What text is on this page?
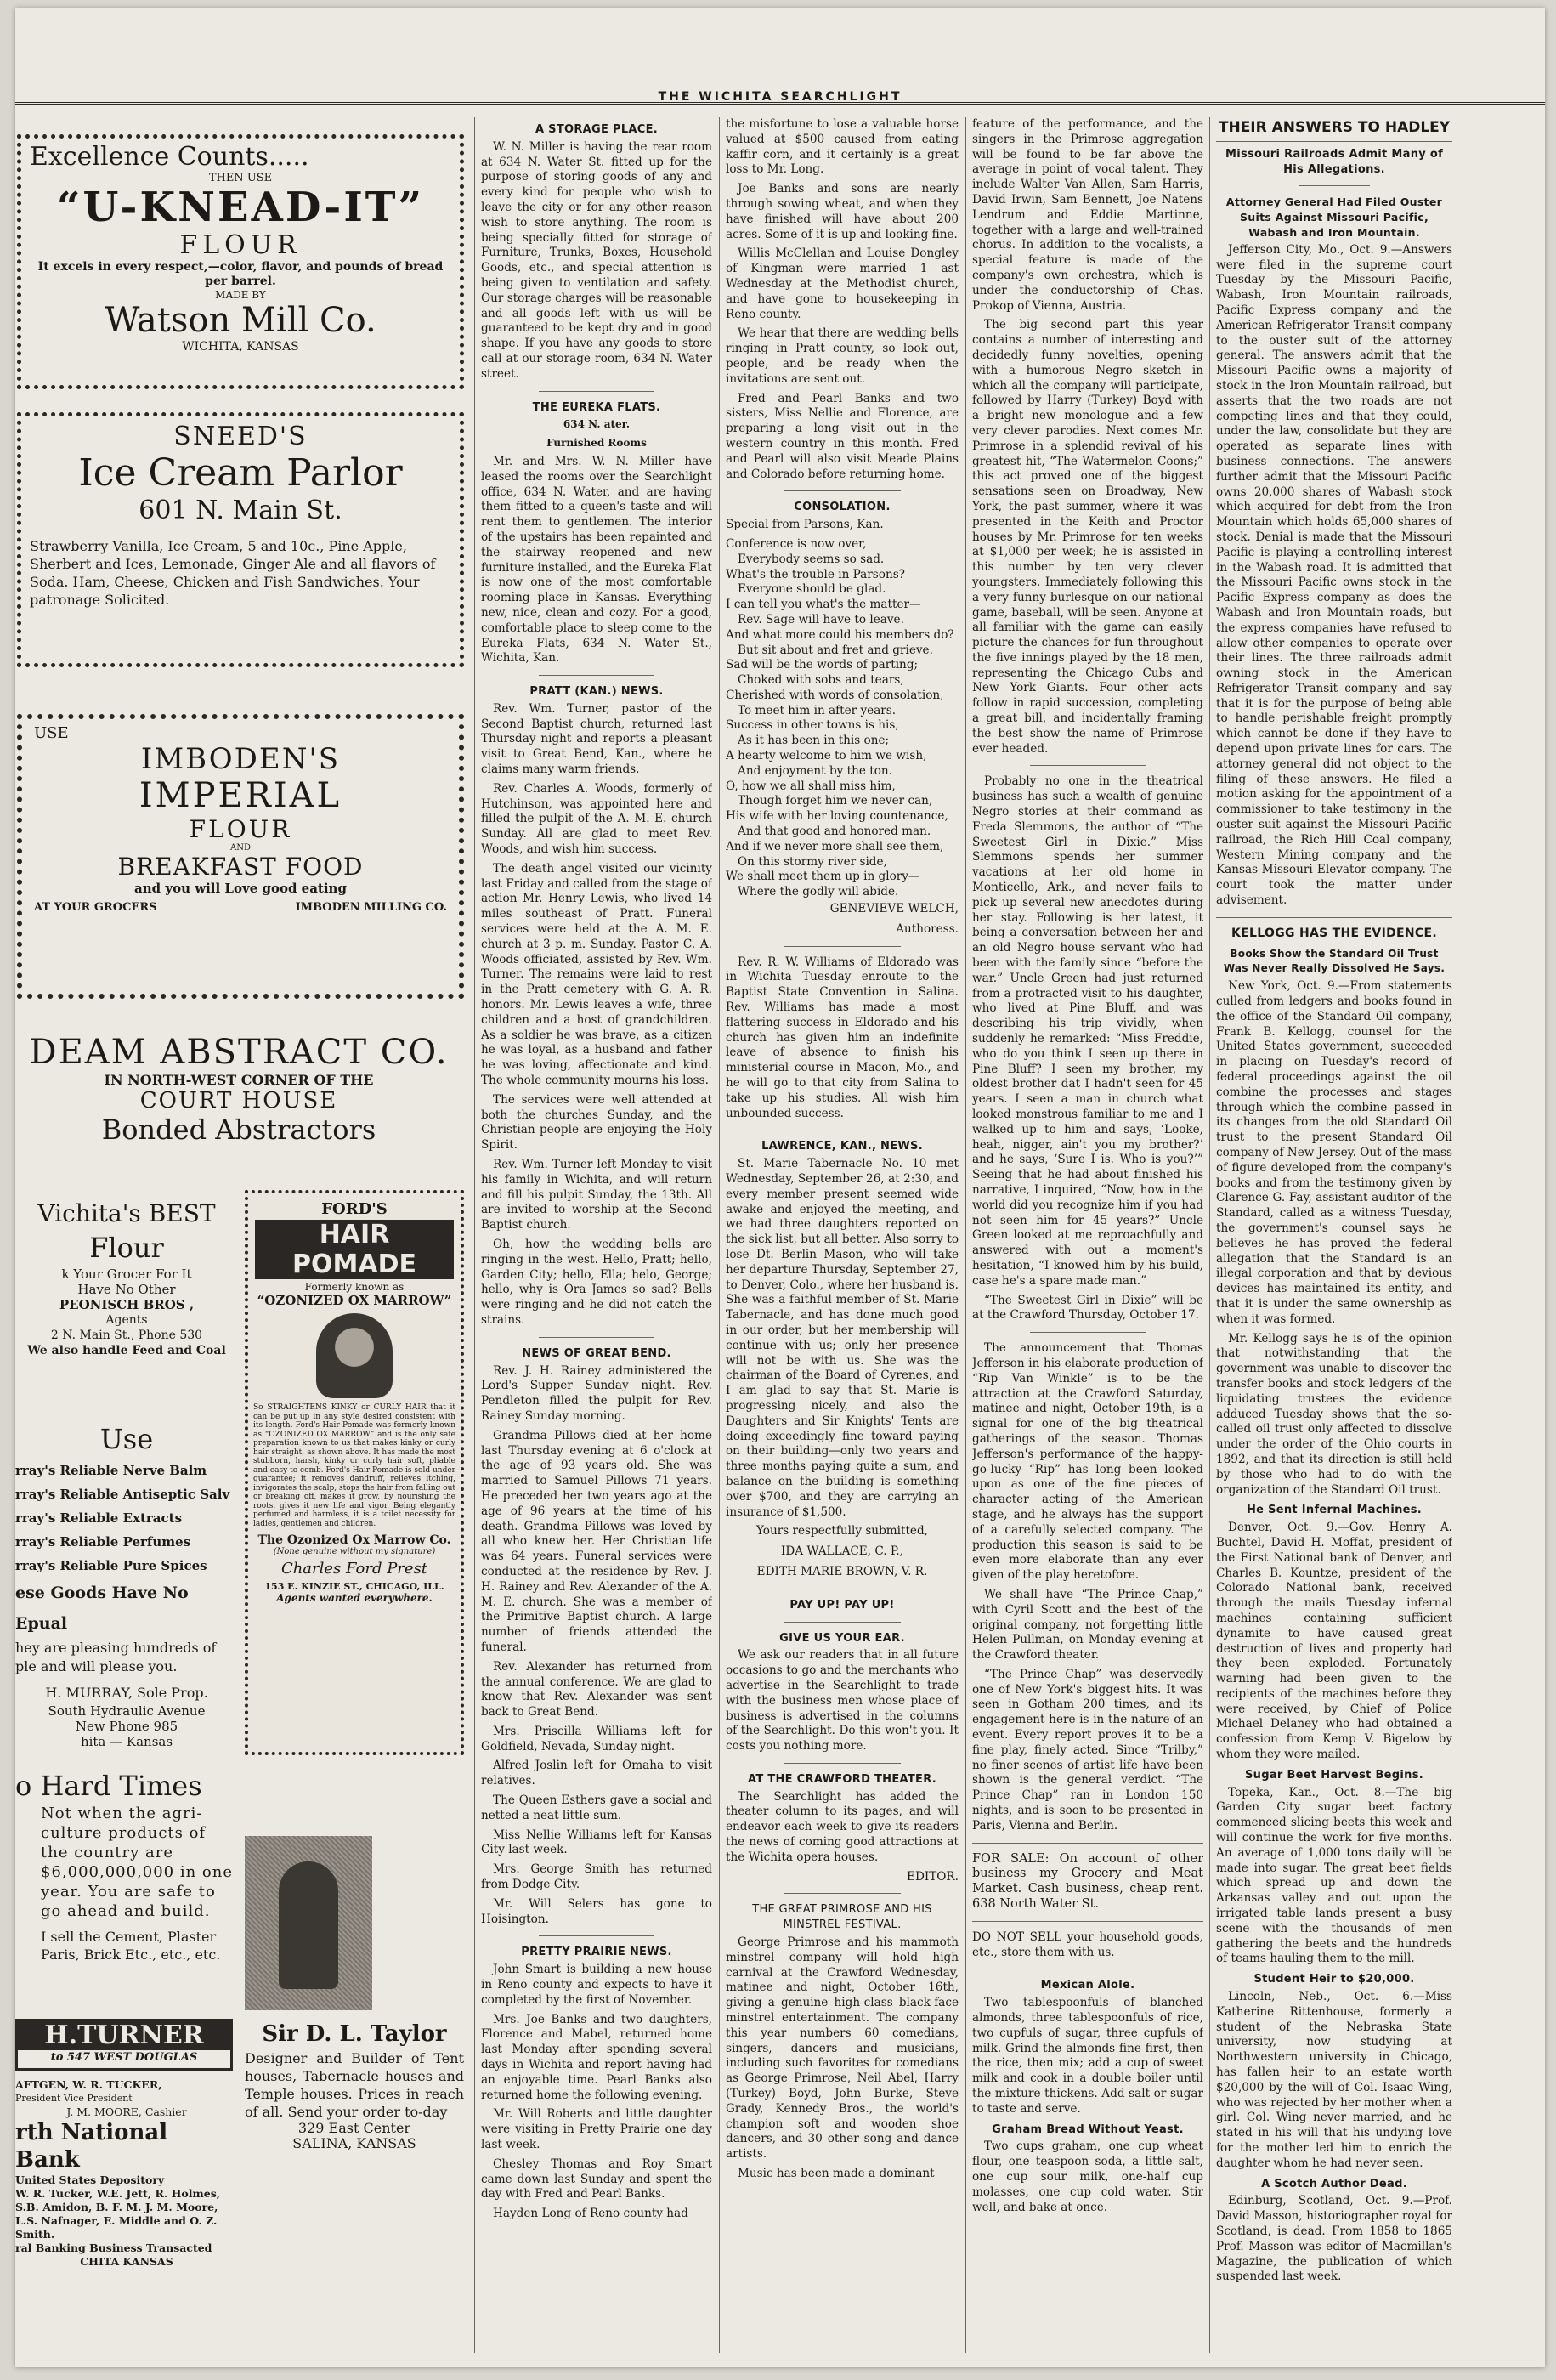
THE WICHITA SEARCHLIGHT
Excellence Counts.....
THEN USE
“U-KNEAD-IT”
FLOUR
It excels in every respect,—color, flavor, and pounds of bread per barrel.
MADE BY
Watson Mill Co.
WICHITA, KANSAS
SNEED'S
Ice Cream Parlor
601 N. Main St.
Strawberry Vanilla, Ice Cream, 5 and 10c., Pine Apple, Sherbert and Ices, Lemonade, Ginger Ale and all flavors of Soda. Ham, Cheese, Chicken and Fish Sandwiches. Your patronage Solicited.
USE
IMBODEN'S
IMPERIAL
FLOUR
AND
BREAKFAST FOOD
and you will Love good eating
AT YOUR GROCERS	IMBODEN MILLING CO.
DEAM ABSTRACT CO.
IN NORTH-WEST CORNER OF THE
COURT HOUSE
Bonded Abstractors
Vichita's BEST
Flour
k Your Grocer For It
Have No Other
PEONISCH BROS ,
Agents
2 N. Main St., Phone 530
We also handle Feed and Coal
Use
rray's Reliable Nerve Balm
rray's Reliable Antiseptic Salv
rray's Reliable Extracts
rray's Reliable Perfumes
rray's Reliable Pure Spices
ese Goods Have No Epual
hey are pleasing hundreds of ple and will please you.
H. MURRAY, Sole Prop.
South Hydraulic Avenue
New Phone 985
hita — Kansas
o Hard Times
Not when the agri- culture products of the country are $6,000,000,000 in one year. You are safe to go ahead and build.
I sell the Cement, Plaster Paris, Brick Etc., etc., etc.
H.TURNER
to 547 WEST DOUGLAS
AFTGEN, W. R. TUCKER,
President Vice President
J. M. MOORE, Cashier
rth National Bank
United States Depository
W. R. Tucker, W.E. Jett, R. Holmes, S.B. Amidon, B. F. M. J. M. Moore, L.S. Nafnager, E. Middle and O. Z. Smith.
ral Banking Business Transacted
CHITA KANSAS
FORD'S
HAIR POMADE
Formerly known as
“OZONIZED OX MARROW”
So STRAIGHTENS KINKY or CURLY HAIR that it can be put up in any style desired consistent with its length. Ford's Hair Pomade was formerly known as “OZONIZED OX MARROW” and is the only safe preparation known to us that makes kinky or curly hair straight, as shown above. It has made the most stubborn, harsh, kinky or curly hair soft, pliable and easy to comb. Ford's Hair Pomade is sold under guarantee; it removes dandruff, relieves itching, invigorates the scalp, stops the hair from falling out or breaking off, makes it grow, by nourishing the roots, gives it new life and vigor. Being elegantly perfumed and harmless, it is a toilet necessity for ladies, gentlemen and children.
The Ozonized Ox Marrow Co.
(None genuine without my signature)
Charles Ford Prest
153 E. KINZIE ST., CHICAGO, ILL.
Agents wanted everywhere.
Sir D. L. Taylor
Designer and Builder of Tent houses, Tabernacle houses and Temple houses. Prices in reach of all. Send your order to-day
329 East Center
SALINA, KANSAS
A STORAGE PLACE.

W. N. Miller is having the rear room at 634 N. Water St. fitted up for the purpose of storing goods of any and every kind for people who wish to leave the city or for any other reason wish to store anything. The room is being specially fitted for storage of Furniture, Trunks, Boxes, Household Goods, etc., and special attention is being given to ventilation and safety. Our storage charges will be reasonable and all goods left with us will be guaranteed to be kept dry and in good shape. If you have any goods to store call at our storage room, 634 N. Water street.

THE EUREKA FLATS.
634 N. ater.
Furnished Rooms

Mr. and Mrs. W. N. Miller have leased the rooms over the Searchlight office, 634 N. Water, and are having them fitted to a queen's taste and will rent them to gentlemen. The interior of the upstairs has been repainted and the stairway reopened and new furniture installed, and the Eureka Flat is now one of the most comfortable rooming place in Kansas. Everything new, nice, clean and cozy. For a good, comfortable place to sleep come to the Eureka Flats, 634 N. Water St., Wichita, Kan.

PRATT (KAN.) NEWS.

Rev. Wm. Turner, pastor of the Second Baptist church, returned last Thursday night and reports a pleasant visit to Great Bend, Kan., where he claims many warm friends.

Rev. Charles A. Woods, formerly of Hutchinson, was appointed here and filled the pulpit of the A. M. E. church Sunday. All are glad to meet Rev. Woods, and wish him success.

The death angel visited our vicinity last Friday and called from the stage of action Mr. Henry Lewis, who lived 14 miles southeast of Pratt. Funeral services were held at the A. M. E. church at 3 p. m. Sunday. Pastor C. A. Woods officiated, assisted by Rev. Wm. Turner. The remains were laid to rest in the Pratt cemetery with G. A. R. honors. Mr. Lewis leaves a wife, three children and a host of grandchildren. As a soldier he was brave, as a citizen he was loyal, as a husband and father he was loving, affectionate and kind. The whole community mourns his loss.

The services were well attended at both the churches Sunday, and the Christian people are enjoying the Holy Spirit.

Rev. Wm. Turner left Monday to visit his family in Wichita, and will return and fill his pulpit Sunday, the 13th. All are invited to worship at the Second Baptist church.

Oh, how the wedding bells are ringing in the west. Hello, Pratt; hello, Garden City; hello, Ella; helo, George; hello, why is Ora James so sad? Bells were ringing and he did not catch the strains.

NEWS OF GREAT BEND.

Rev. J. H. Rainey administered the Lord's Supper Sunday night. Rev. Pendleton filled the pulpit for Rev. Rainey Sunday morning.

Grandma Pillows died at her home last Thursday evening at 6 o'clock at the age of 93 years old. She was married to Samuel Pillows 71 years. He preceded her two years ago at the age of 96 years at the time of his death. Grandma Pillows was loved by all who knew her. Her Christian life was 64 years. Funeral services were conducted at the residence by Rev. J. H. Rainey and Rev. Alexander of the A. M. E. church. She was a member of the Primitive Baptist church. A large number of friends attended the funeral.

Rev. Alexander has returned from the annual conference. We are glad to know that Rev. Alexander was sent back to Great Bend.

Mrs. Priscilla Williams left for Goldfield, Nevada, Sunday night.

Alfred Joslin left for Omaha to visit relatives.

The Queen Esthers gave a social and netted a neat little sum.

Miss Nellie Williams left for Kansas City last week.

Mrs. George Smith has returned from Dodge City.

Mr. Will Selers has gone to Hoisington.

PRETTY PRAIRIE NEWS.

John Smart is building a new house in Reno county and expects to have it completed by the first of November.

Mrs. Joe Banks and two daughters, Florence and Mabel, returned home last Monday after spending several days in Wichita and report having had an enjoyable time. Pearl Banks also returned home the following evening.

Mr. Will Roberts and little daughter were visiting in Pretty Prairie one day last week.

Chesley Thomas and Roy Smart came down last Sunday and spent the day with Fred and Pearl Banks.

Hayden Long of Reno county had

the misfortune to lose a valuable horse valued at $500 caused from eating kaffir corn, and it certainly is a great loss to Mr. Long.

Joe Banks and sons are nearly through sowing wheat, and when they have finished will have about 200 acres. Some of it is up and looking fine.

Willis McClellan and Louise Dongley of Kingman were married 1 ast Wednesday at the Methodist church, and have gone to housekeeping in Reno county.

We hear that there are wedding bells ringing in Pratt county, so look out, people, and be ready when the invitations are sent out.

Fred and Pearl Banks and two sisters, Miss Nellie and Florence, are preparing a long visit out in the western country in this month. Fred and Pearl will also visit Meade Plains and Colorado before returning home.

CONSOLATION.

Special from Parsons, Kan.

Conference is now over,
Everybody seems so sad.
What's the trouble in Parsons?
Everyone should be glad.
I can tell you what's the matter—
Rev. Sage will have to leave.
And what more could his members do?
But sit about and fret and grieve.
Sad will be the words of parting;
Choked with sobs and tears,
Cherished with words of consolation,
To meet him in after years.
Success in other towns is his,
As it has been in this one;
A hearty welcome to him we wish,
And enjoyment by the ton.
O, how we all shall miss him,
Though forget him we never can,
His wife with her loving countenance,
And that good and honored man.
And if we never more shall see them,
On this stormy river side,
We shall meet them up in glory—
Where the godly will abide.
GENEVIEVE WELCH,
Authoress.

Rev. R. W. Williams of Eldorado was in Wichita Tuesday enroute to the Baptist State Convention in Salina. Rev. Williams has made a most flattering success in Eldorado and his church has given him an indefinite leave of absence to finish his ministerial course in Macon, Mo., and he will go to that city from Salina to take up his studies. All wish him unbounded success.

LAWRENCE, KAN., NEWS.

St. Marie Tabernacle No. 10 met Wednesday, September 26, at 2:30, and every member present seemed wide awake and enjoyed the meeting, and we had three daughters reported on the sick list, but all better. Also sorry to lose Dt. Berlin Mason, who will take her departure Thursday, September 27, to Denver, Colo., where her husband is. She was a faithful member of St. Marie Tabernacle, and has done much good in our order, but her membership will continue with us; only her presence will not be with us. She was the chairman of the Board of Cyrenes, and I am glad to say that St. Marie is progressing nicely, and also the Daughters and Sir Knights' Tents are doing exceedingly fine toward paying on their building—only two years and three months paying quite a sum, and balance on the building is something over $700, and they are carrying an insurance of $1,500.

Yours respectfully submitted,
IDA WALLACE, C. P.,
EDITH MARIE BROWN, V. R.
PAY UP! PAY UP!
GIVE US YOUR EAR.

We ask our readers that in all future occasions to go and the merchants who advertise in the Searchlight to trade with the business men whose place of business is advertised in the columns of the Searchlight. Do this won't you. It costs you nothing more.

AT THE CRAWFORD THEATER.

The Searchlight has added the theater column to its pages, and will endeavor each week to give its readers the news of coming good attractions at the Wichita opera houses.

EDITOR.
THE GREAT PRIMROSE AND HIS MINSTREL FESTIVAL.

George Primrose and his mammoth minstrel company will hold high carnival at the Crawford Wednesday, matinee and night, October 16th, giving a genuine high-class black-face minstrel entertainment. The company this year numbers 60 comedians, singers, dancers and musicians, including such favorites for comedians as George Primrose, Neil Abel, Harry (Turkey) Boyd, John Burke, Steve Grady, Kennedy Bros., the world's champion soft and wooden shoe dancers, and 30 other song and dance artists.

Music has been made a dominant

feature of the performance, and the singers in the Primrose aggregation will be found to be far above the average in point of vocal talent. They include Walter Van Allen, Sam Harris, David Irwin, Sam Bennett, Joe Natens Lendrum and Eddie Martinne, together with a large and well-trained chorus. In addition to the vocalists, a special feature is made of the company's own orchestra, which is under the conductorship of Chas. Prokop of Vienna, Austria.

The big second part this year contains a number of interesting and decidedly funny novelties, opening with a humorous Negro sketch in which all the company will participate, followed by Harry (Turkey) Boyd with a bright new monologue and a few very clever parodies. Next comes Mr. Primrose in a splendid revival of his greatest hit, “The Watermelon Coons;” this act proved one of the biggest sensations seen on Broadway, New York, the past summer, where it was presented in the Keith and Proctor houses by Mr. Primrose for ten weeks at $1,000 per week; he is assisted in this number by ten very clever youngsters. Immediately following this a very funny burlesque on our national game, baseball, will be seen. Anyone at all familiar with the game can easily picture the chances for fun throughout the five innings played by the 18 men, representing the Chicago Cubs and New York Giants. Four other acts follow in rapid succession, completing a great bill, and incidentally framing the best show the name of Primrose ever headed.

Probably no one in the theatrical business has such a wealth of genuine Negro stories at their command as Freda Slemmons, the author of “The Sweetest Girl in Dixie.” Miss Slemmons spends her summer vacations at her old home in Monticello, Ark., and never fails to pick up several new anecdotes during her stay. Following is her latest, it being a conversation between her and an old Negro house servant who had been with the family since “before the war.” Uncle Green had just returned from a protracted visit to his daughter, who lived at Pine Bluff, and was describing his trip vividly, when suddenly he remarked: “Miss Freddie, who do you think I seen up there in Pine Bluff? I seen my brother, my oldest brother dat I hadn't seen for 45 years. I seen a man in church what looked monstrous familiar to me and I walked up to him and says, ‘Looke, heah, nigger, ain't you my brother?’ and he says, ‘Sure I is. Who is you?’” Seeing that he had about finished his narrative, I inquired, “Now, how in the world did you recognize him if you had not seen him for 45 years?” Uncle Green looked at me reproachfully and answered with out a moment's hesitation, “I knowed him by his build, case he's a spare made man.”

“The Sweetest Girl in Dixie” will be at the Crawford Thursday, October 17.

The announcement that Thomas Jefferson in his elaborate production of “Rip Van Winkle” is to be the attraction at the Crawford Saturday, matinee and night, October 19th, is a signal for one of the big theatrical gatherings of the season. Thomas Jefferson's performance of the happy-go-lucky “Rip” has long been looked upon as one of the fine pieces of character acting of the American stage, and he always has the support of a carefully selected company. The production this season is said to be even more elaborate than any ever given of the play heretofore.

We shall have “The Prince Chap,” with Cyril Scott and the best of the original company, not forgetting little Helen Pullman, on Monday evening at the Crawford theater.

“The Prince Chap” was deservedly one of New York's biggest hits. It was seen in Gotham 200 times, and its engagement here is in the nature of an event. Every report proves it to be a fine play, finely acted. Since “Trilby,” no finer scenes of artist life have been shown is the general verdict. “The Prince Chap” ran in London 150 nights, and is soon to be presented in Paris, Vienna and Berlin.

FOR SALE: On account of other business my Grocery and Meat Market. Cash business, cheap rent. 638 North Water St.

DO NOT SELL your household goods, etc., store them with us.

Mexican Alole.

Two tablespoonfuls of blanched almonds, three tablespoonfuls of rice, two cupfuls of sugar, three cupfuls of milk. Grind the almonds fine first, then the rice, then mix; add a cup of sweet milk and cook in a double boiler until the mixture thickens. Add salt or sugar to taste and serve.

Graham Bread Without Yeast.

Two cups graham, one cup wheat flour, one teaspoon soda, a little salt, one cup sour milk, one-half cup molasses, one cup cold water. Stir well, and bake at once.

THEIR ANSWERS TO HADLEY
Missouri Railroads Admit Many of His Allegations.
Attorney General Had Filed Ouster Suits Against Missouri Pacific, Wabash and Iron Mountain.

Jefferson City, Mo., Oct. 9.—Answers were filed in the supreme court Tuesday by the Missouri Pacific, Wabash, Iron Mountain railroads, Pacific Express company and the American Refrigerator Transit company to the ouster suit of the attorney general. The answers admit that the Missouri Pacific owns a majority of stock in the Iron Mountain railroad, but asserts that the two roads are not competing lines and that they could, under the law, consolidate but they are operated as separate lines with business connections. The answers further admit that the Missouri Pacific owns 20,000 shares of Wabash stock which acquired for debt from the Iron Mountain which holds 65,000 shares of stock. Denial is made that the Missouri Pacific is playing a controlling interest in the Wabash road. It is admitted that the Missouri Pacific owns stock in the Pacific Express company as does the Wabash and Iron Mountain roads, but the express companies have refused to allow other companies to operate over their lines. The three railroads admit owning stock in the American Refrigerator Transit company and say that it is for the purpose of being able to handle perishable freight promptly which cannot be done if they have to depend upon private lines for cars. The attorney general did not object to the filing of these answers. He filed a motion asking for the appointment of a commissioner to take testimony in the ouster suit against the Missouri Pacific railroad, the Rich Hill Coal company, Western Mining company and the Kansas-Missouri Elevator company. The court took the matter under advisement.

KELLOGG HAS THE EVIDENCE.
Books Show the Standard Oil Trust Was Never Really Dissolved He Says.

New York, Oct. 9.—From statements culled from ledgers and books found in the office of the Standard Oil company, Frank B. Kellogg, counsel for the United States government, succeeded in placing on Tuesday's record of federal proceedings against the oil combine the processes and stages through which the combine passed in its changes from the old Standard Oil trust to the present Standard Oil company of New Jersey. Out of the mass of figure developed from the company's books and from the testimony given by Clarence G. Fay, assistant auditor of the Standard, called as a witness Tuesday, the government's counsel says he believes he has proved the federal allegation that the Standard is an illegal corporation and that by devious devices has maintained its entity, and that it is under the same ownership as when it was formed.

Mr. Kellogg says he is of the opinion that notwithstanding that the government was unable to discover the transfer books and stock ledgers of the liquidating trustees the evidence adduced Tuesday shows that the so-called oil trust only affected to dissolve under the order of the Ohio courts in 1892, and that its direction is still held by those who had to do with the organization of the Standard Oil trust.

He Sent Infernal Machines.

Denver, Oct. 9.—Gov. Henry A. Buchtel, David H. Moffat, president of the First National bank of Denver, and Charles B. Kountze, president of the Colorado National bank, received through the mails Tuesday infernal machines containing sufficient dynamite to have caused great destruction of lives and property had they been exploded. Fortunately warning had been given to the recipients of the machines before they were received, by Chief of Police Michael Delaney who had obtained a confession from Kemp V. Bigelow by whom they were mailed.

Sugar Beet Harvest Begins.

Topeka, Kan., Oct. 8.—The big Garden City sugar beet factory commenced slicing beets this week and will continue the work for five months. An average of 1,000 tons daily will be made into sugar. The great beet fields which spread up and down the Arkansas valley and out upon the irrigated table lands present a busy scene with the thousands of men gathering the beets and the hundreds of teams hauling them to the mill.

Student Heir to $20,000.

Lincoln, Neb., Oct. 6.—Miss Katherine Rittenhouse, formerly a student of the Nebraska State university, now studying at Northwestern university in Chicago, has fallen heir to an estate worth $20,000 by the will of Col. Isaac Wing, who was rejected by her mother when a girl. Col. Wing never married, and he stated in his will that his undying love for the mother led him to enrich the daughter whom he had never seen.

A Scotch Author Dead.

Edinburg, Scotland, Oct. 9.—Prof. David Masson, historiographer royal for Scotland, is dead. From 1858 to 1865 Prof. Masson was editor of Macmillan's Magazine, the publication of which suspended last week.
